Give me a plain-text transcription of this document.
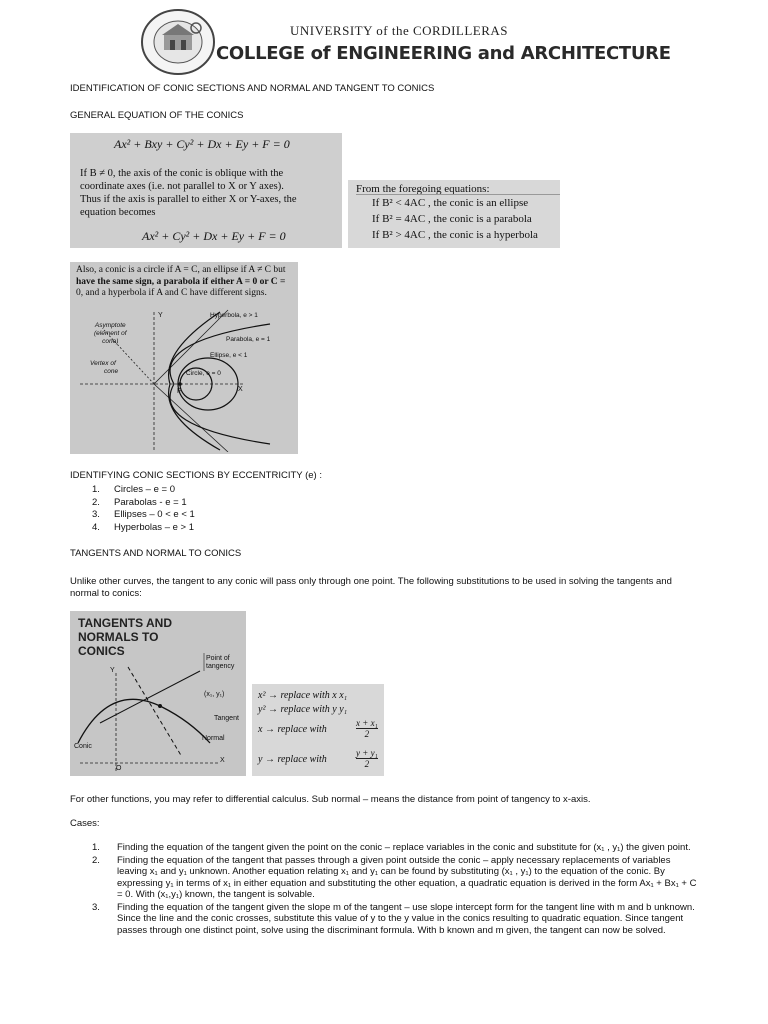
UNIVERSITY of the CORDILLERAS
COLLEGE of ENGINEERING and ARCHITECTURE
IDENTIFICATION OF CONIC SECTIONS AND NORMAL AND TANGENT TO CONICS
GENERAL EQUATION OF THE CONICS
Ax² + Bxy + Cy² + Dx + Ey + F = 0
If B ≠ 0, the axis of the conic is oblique with the
coordinate axes (i.e. not parallel to X or Y axes).
Thus if the axis is parallel to either X or Y-axes, the
equation becomes
Ax² + Cy² + Dx + Ey + F = 0
From the foregoing equations:
If B² < 4AC , the conic is an ellipse
If B² = 4AC , the conic is a parabola
If B² > 4AC , the conic is a hyperbola
Also, a conic is a circle if A = C, an ellipse if A ≠ C but
have the same sign, a parabola if either A = 0 or C =
0, and a hyperbola if A and C have different signs.
Y
X
F
Asymptote
(element of
cone)
Vertex of
cone
Hyperbola, e > 1
Parabola, e = 1
Ellipse, e < 1
Circle, e = 0
IDENTIFYING CONIC SECTIONS BY ECCENTRICITY (e) :
1. Circles – e = 0
2. Parabolas - e = 1
3. Ellipses – 0 < e < 1
4. Hyperbolas – e > 1
TANGENTS AND NORMAL TO CONICS
Unlike other curves, the tangent to any conic will pass only through one point. The following substitutions to be used in solving the tangents and normal to conics:
TANGENTS AND
NORMALS TO
CONICS
Point of
tangency
(x₁, y₁)
Tangent
Normal
Conic
Y
X
O
x² → replace with x x₁
y² → replace with y y₁
x → replace with
x + x₁
2
y → replace with
y + y₁
2
For other functions, you may refer to differential calculus. Sub normal – means the distance from point of tangency to x-axis.
Cases:
1. Finding the equation of the tangent given the point on the conic – replace variables in the conic and substitute for (x₁ , y₁) the given point.
2. Finding the equation of the tangent that passes through a given point outside the conic – apply necessary replacements of variables leaving x₁ and y₁ unknown. Another equation relating x₁ and y₁ can be found by substituting (x₁ , y₁) to the equation of the conic. By expressing y₁ in terms of x₁ in either equation and substituting the other equation, a quadratic equation is derived in the form Ax₁ + Bx₁ + C = 0. With (x₁,y₁) known, the tangent is solvable.
3. Finding the equation of the tangent given the slope m of the tangent – use slope intercept form for the tangent line with m and b unknown. Since the line and the conic crosses, substitute this value of y to the y value in the conics resulting to quadratic equation. Since tangent passes through one distinct point, solve using the discriminant formula. With b known and m given, the tangent can now be solved.
